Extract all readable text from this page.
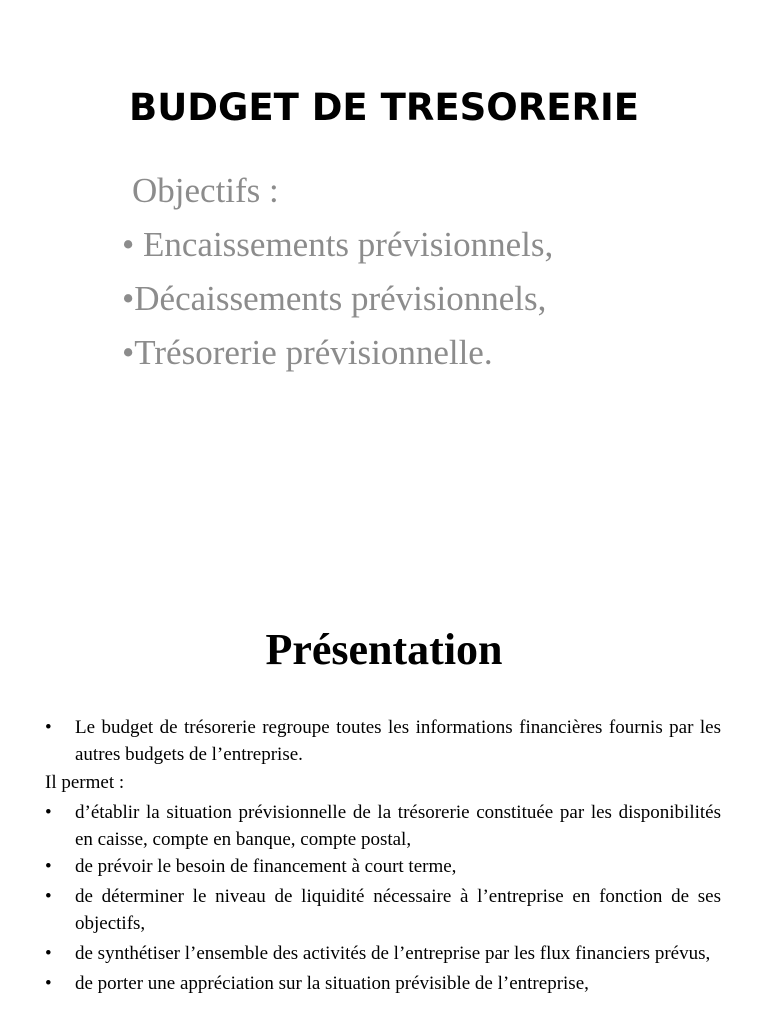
BUDGET DE TRESORERIE
Objectifs :
• Encaissements prévisionnels,
•Décaissements prévisionnels,
•Trésorerie prévisionnelle.
Présentation
• Le budget de trésorerie regroupe toutes les informations financières fournis par les autres budgets de l’entreprise.
Il permet :
• d’établir la situation prévisionnelle de la trésorerie constituée par les disponibilités en caisse, compte en banque, compte postal,
• de prévoir le besoin de financement à court terme,
• de déterminer le niveau de liquidité nécessaire à l’entreprise en fonction de ses objectifs,
• de synthétiser l’ensemble des activités de l’entreprise par les flux financiers prévus,
• de porter une appréciation sur la situation prévisible de l’entreprise,
